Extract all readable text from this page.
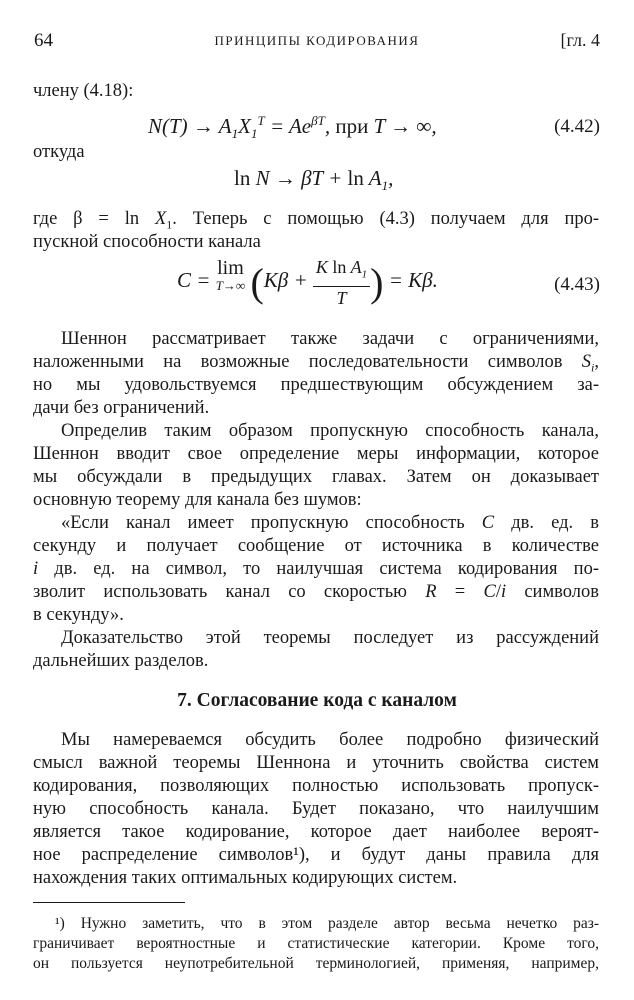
64	ПРИНЦИПЫ КОДИРОВАНИЯ	[гл. 4
члену (4.18):
$N(T) \to A_1X_1^T = Ae^{\beta T}$, при T → ∞,	(4.42)
откуда
$\ln N \to \beta T + \ln A_1$,
где $\beta = \ln X_1$. Теперь с помощью (4.3) получаем для про-
пускной способности канала
C =
lim
T→∞ ($K\beta + \frac{K \ln A_1}{T}$ ) = Kβ.	(4.43)
Шеннон рассматривает также задачи с ограничениями,
наложенными на возможные последовательности символов $S_i$,
но мы удовольствуемся предшествующим обсуждением за-
дачи без ограничений.
Определив таким образом пропускную способность канала,
Шеннон вводит свое определение меры информации, которое
мы обсуждали в предыдущих главах. Затем он доказывает
основную теорему для канала без шумов:
«Если канал имеет пропускную способность C дв. ед. в
секунду и получает сообщение от источника в количестве
i дв. ед. на символ, то наилучшая система кодирования по-
зволит использовать канал со скоростью R = C/i символов
в секунду».
Доказательство этой теоремы последует из рассуждений
дальнейших разделов.
7. Согласование кода с каналом
Мы намереваемся обсудить более подробно физический
смысл важной теоремы Шеннона и уточнить свойства систем
кодирования, позволяющих полностью использовать пропуск-
ную способность канала. Будет показано, что наилучшим
является такое кодирование, которое дает наиболее вероят-
ное распределение символов¹), и будут даны правила для
нахождения таких оптимальных кодирующих систем.
¹) Нужно заметить, что в этом разделе автор весьма нечетко раз-
граничивает вероятностные и статистические категории. Кроме того,
он пользуется неупотребительной терминологией, применяя, например,
